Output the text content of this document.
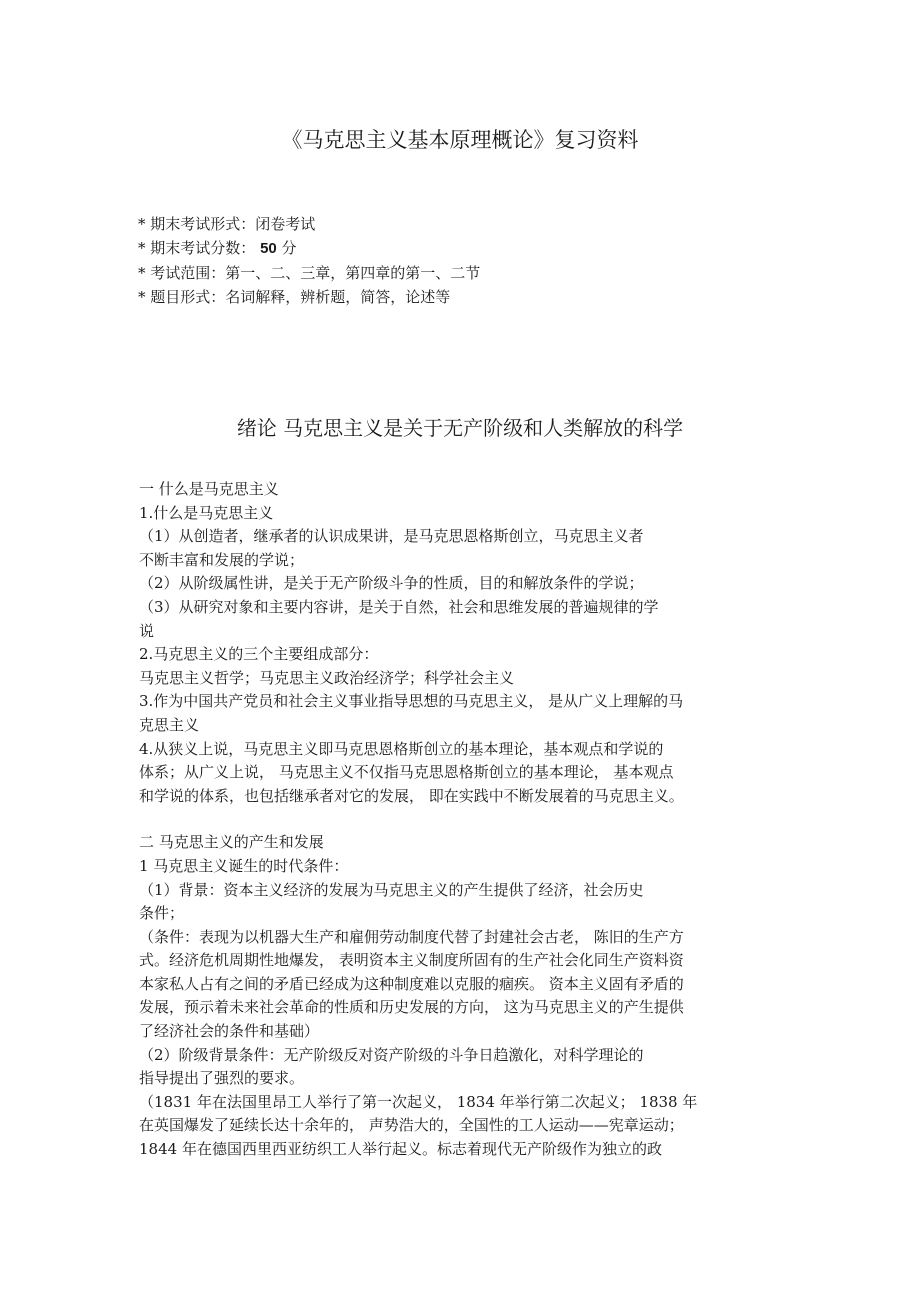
《马克思主义基本原理概论》复习资料
* 期末考试形式：闭卷考试
* 期末考试分数： 50 分
* 考试范围：第一、二、三章，第四章的第一、二节
* 题目形式：名词解释，辨析题，简答，论述等
绪论 马克思主义是关于无产阶级和人类解放的科学
一 什么是马克思主义
1.什么是马克思主义
（1）从创造者，继承者的认识成果讲，是马克思恩格斯创立，马克思主义者
不断丰富和发展的学说；
（2）从阶级属性讲，是关于无产阶级斗争的性质，目的和解放条件的学说；
（3）从研究对象和主要内容讲，是关于自然，社会和思维发展的普遍规律的学
说
2.马克思主义的三个主要组成部分：
马克思主义哲学；马克思主义政治经济学；科学社会主义
3.作为中国共产党员和社会主义事业指导思想的马克思主义， 是从广义上理解的马
克思主义
4.从狭义上说，马克思主义即马克思恩格斯创立的基本理论，基本观点和学说的
体系；从广义上说， 马克思主义不仅指马克思恩格斯创立的基本理论， 基本观点
和学说的体系，也包括继承者对它的发展， 即在实践中不断发展着的马克思主义。
二 马克思主义的产生和发展
1 马克思主义诞生的时代条件：
（1）背景：资本主义经济的发展为马克思主义的产生提供了经济，社会历史
条件；
（条件：表现为以机器大生产和雇佣劳动制度代替了封建社会古老， 陈旧的生产方
式。经济危机周期性地爆发， 表明资本主义制度所固有的生产社会化同生产资料资
本家私人占有之间的矛盾已经成为这种制度难以克服的痼疾。 资本主义固有矛盾的
发展，预示着未来社会革命的性质和历史发展的方向， 这为马克思主义的产生提供
了经济社会的条件和基础）
（2）阶级背景条件：无产阶级反对资产阶级的斗争日趋激化，对科学理论的
指导提出了强烈的要求。
（1831 年在法国里昂工人举行了第一次起义， 1834 年举行第二次起义； 1838 年
在英国爆发了延续长达十余年的， 声势浩大的，全国性的工人运动——宪章运动；
1844 年在德国西里西亚纺织工人举行起义。标志着现代无产阶级作为独立的政
